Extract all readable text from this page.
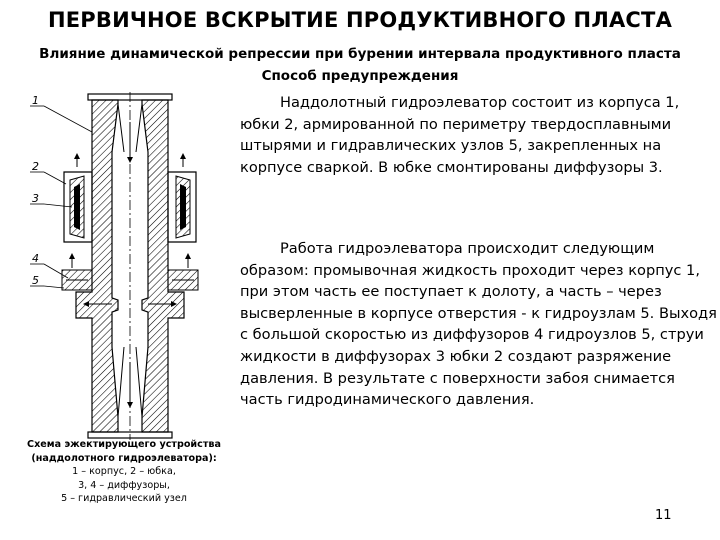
ПЕРВИЧНОЕ ВСКРЫТИЕ ПРОДУКТИВНОГО ПЛАСТА
Влияние динамической репрессии при бурении интервала продуктивного пласта
Способ предупреждения
1
2
3
4
5
Схема эжектирующего устройства
(наддолотного гидроэлеватора):
1 – корпус, 2 – юбка,
3, 4 – диффузоры,
5 – гидравлический узел

Наддолотный гидроэлеватор состоит из корпуса 1, юбки 2, армированной по периметру твердосплавными штырями и гидравлических узлов 5, закрепленных на корпусе сваркой. В юбке смонтированы диффузоры 3.

Работа гидроэлеватора происходит следующим образом: промывочная жидкость проходит через корпус 1, при этом часть ее поступает к долоту, а часть – через высверленные в корпусе отверстия - к гидроузлам 5. Выходя с большой скоростью из диффузоров 4 гидроузлов 5, струи жидкости в диффузорах 3 юбки 2 создают разряжение давления. В результате с поверхности забоя снимается часть гидродинамического давления.

11
